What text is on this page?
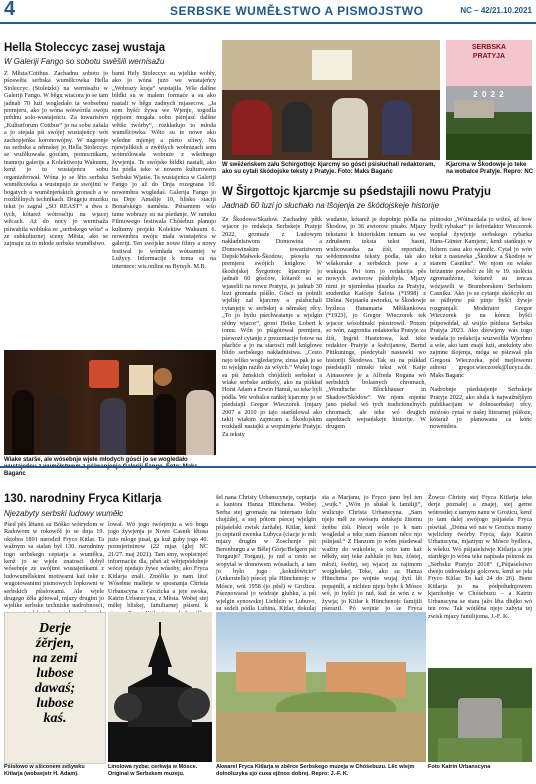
4	SERBSKE WUMĚŁSTWO A PISMOJSTWO	NC – 42/21.10.2021
Hella Stoleccyc zasej wustaja
W Galeriji Fango so sobotu swěšili wernisažu
Z Mĕsta/Cottbus. Zachadnu sobotu jo pśoswĕta serbska wumĕłcowka Hella Stoleccyc (Stoletzki) na wernisažu w Galeriji Fango. W běgu wiacora jo se tam jadnab 70 luźi wogledało ta wobsebnu premjeru, ako jo wóna wótwórila swóju prĕdnu solo-wustajeńcu. Za towaristwo „Kulturforum Cottbus“ jo na sobu zašala a jo stejała pśi swójej wustajeńcy wót zachopjeńka koronowójny. W nagronje na serbska a němskej jo Hella Stoleccyc se wužěkowała gósćam, pomocnikam, teamoju galerije a Kolektiwoju Wakuum, kenž jo tu wustajeńcu sobu organizěrował. Wóna jo se lěto serbska wumĕłcowka a wustupujo ze swójimi w bogatych a wuměnjeńskich gronach a w rozdźělnych technikach. Drugeju muziku tekst jo zagrał „SO REAST“ a dwa z tych, kótarež wótrosćiju na wjacej wĕcach. Aż do nocy jo wernisaža pśiwabila wobłuka ze „serbskego wóta“ a ze subkulturnej sceny Mĕsta, ako se zajmaju za to młode serbske wumĕłstwo.
bami Hely Stoleccyc su wjelike wobły, ako jo wóna jużo we wustajeńcy „Wobrazy kraja“ wustajiła. Wše dalšne bildki su w malem formaće a su ako nastali w běgu zadnych mjasecow. „Ja som hyšći žywa we Wjenje, togodla njejsom mogała sobu pśinjasć dalšne wětše twórby“, rozkładujo to młoda wumělcowka. Wěto su te nowe ako wšedne mjenjej a pśeto sćiwy. Na njewjelikich a zwětšych wobrazach som wótmólowała wobraze z wšednego žywjenja. Te swójske bildki nastali, ako bu pódla teke w nowem kulturowem Serbske Wjatśe. Ta wustajeńca w Galeriji Fango jo až do Dnja rozegrana 10. nowembra wogledaś. Galerija Fango jo na Dnje Amalije 10, blisko staciji Bonaŕskego naměsta. Pśisamem wšo tame wobrazy su na pśedanje. W ramiku Filmowego festiwala Chóśebuz planujo kulturny projekt Kolektiw Wakuum 6. nowembra swóju mała wustajeńca w galeriji. Ten swójske nowe filmy a nowy festiwal je wómłada wótsamtej w Lužycy. Informacije k toma su na internece: wis.online na Byrsyh. M.B.
Wiake starše, ale wósebnje wjele młodych gósći jo se wogledało Bagańc
W swĕźeńskem zału Schirgottojc kjarcmy so gósći pśisłuchali redaktoram, ako su cytali škódojske teksty z Pratyje. Foto: Maks Bagańc
SERBSKA
PRATYJA
2 0 2 2
Kjarcma w Škodowje jo teke na wobalce Pratyje. Repro: NC
W Širgottojc kjarcmje su pśedstajili nowu Pratyju
Jadnab 60 luzi jo słuchało na tšojenja ze škódojskeje historije
Ze Škodowa/Skadow. Zachadny pětk wjacor jo redakcja Serbskeje Pratyje 2022, gromaźe z Ludowym nakładnistwom Domowina a Domowinskim towaristwom Depsk/Małwek-Škodow, pśosyła na premjeru swójich knigłow. W škodojskej Šyrgottojc kjarcmje jo jadnab 60 gósćow, kótarež su se wjaselili na nowu Pratyju, jo jadnab 30 luzi gromadu pśišło. Góscí su połnili wjelikj zał kjarcmy a pśisłuchali cytanjeju w serbskej a němskej rěcy. „To jo bydu pśechwatanje a wjelgin rědny wjacor“, groni Heiko Lobert k tomu. Wón jo pśigótował premjeru, pśewozł cytanje z prezentacije fotow na płachće a jo na starosći měł knigłowe blido serbskego nakładnistwa. „Cesto nejo teliko wogledarjow, zinsa pak jo se tu wjelgin rażiło za wšych.“ Wušej togo su pśi žeńskich chójdźeli serbskei a wiake serbske artikely, ako na pśikład Horst Adam a Erwin Hanuš, su teke byli pódla. We wobalce rańkej kjarcmy jo se pśedstajił Gregor Wieczorek (mjazy 2007 a 2010 jo tajo staršulowal ako taki) wiakim zajmcam a Škodojskim rozkładł nastajki a wopsimjeńe Pratyje. Za teksty
wudanie, kótarež je dopołnje pódla na Škodow, jo 36 awtorow pisało. Mjazy tekstami k historiskim temam su we zdrušnem teksta tekst basni, wulicowanka za źiśi, reportaže, wědomnostne teksty pódla, tak ako wšakorake a serbskich jsow a z wukraja. Psi tom jo redakcija pěs nowych awtorow pśidobyła. Mjazy nimi jo njemłodsa pisarka za Pratyju, studentka Kaićeje Šafota (*1998) z Dešna. Nejstaršu awtorku, w Škodowje byźleca Hanamaria Měškankowa (*1923), jo Gregor Wieczorek tek wjacor wósobinski pśostrowił. Potom so wón, zagronita redaktorka Pratyje za źiśi, Ingrid Hustetowa, kaž teke redaktor Pratyje a ksěcijanow, Bernd Pittkunings, pśedcytali nastawki wo historiji Škodowa. Tak su na pśikład pśedstajili nimski tekst wót Katje Ainassowe je a Alfreda Rogana wó serbskich bolasnych chromach, „Wendische Blockhäuser in Skadow/Skódow“. We njom mjeńte jano pśekel wó tych tradicionelnych chromach, ale teke wó drugich aspektach wejsańskeje historije. W drugem
pśinosku „Wótnazdala jo wižeś, až how bydli rybakar“ jo šefredaktor Wieczorek wopšał žywjenje serbskego rybarka Hans-Günter Kamjenc, kenž stańkujo w lichem casu ako wumělc. Cytał jo wón tekst z nastawka „Škodow a Škodoje w starem Casniku“. We njom su wšake brizantne powěsći ze lět w 19. stolěcia zgromadźone, kótarež su tencas wózjawili w Bramborskem Serbskem Casniku. Ako jo se cytanje skóńcyło su se pśibytne pśi pinje byšći žywje rozgranjali. Moderator Gregor Wieczorek jo na kóncu byšći pśipowědał, až wujźo pśiduca Serbska Pratyja 2023. Ako dźewjeny wás togo wudaša jo redakcija wuzwoliła Wjerbno a wše, ako tam znajś luźi, anekdoty abo zajmne tšojenja, móga se pśizwaš pla Gregora Wieczorka, pód mejlowenu adresu gregor.wieczorek@lucyca.de. Maks Bagańc

Nadrobnje pśedstajenje Serbskeje Pratyje 2022, ako słuša k najwažnějšym publikacijam w dolnoserbskej rěcy, móźośo cytaś w našej literarnej pśiłoze, kótaraž jo planowana ca kóńc nowembra.
130. narodniny Fryca Kitlarja
Njezabyty serbski ludowy wuměłc
Pśed pěś lětami su Bóško wótrydom w Radowom w rokowčě jo se dnja 19. oktobra 1891 narodził Fryco Kitlar. Ta wažnym sa stalan był 130. narodniny togo serbskego ceptarja a wuměłca, kenž jo se wjele znatosći dobył wósebnje ze swójimi wustajeńkami z ludowumělskimi motiwami kaž teke z wugotowanimi pismowych lopkowni w serbskich pśisłowami. Ale wjele drugego źěła gótował, mjazy drugim jo wjelike serbske techniske nadrobnosći,
lował. Wó jogo twórjenju a wó bogu jogo žywjenja je Nowe Casnik lětosa jużo mloge pisał, ga kuž guby jogo 40. posmjertninow (22 mjaz (glej NC 21/27. maj 2021). Tam smy, wopiscnjeć informacije dla, pěsń až wěrjepódobnje wócej njedajo žywe wósoby, ako Fryca Kitlarja znali. Zmólila jo nam lito! Wósebne mašteje w sposnanja Christa Urbanscyna z Grożicka a jeje swoka, Katrin Urbanscyna, z Města. Wobej stej měłej bliskej, familiarnej pśismí k
šel nana Christy Urbanscyneje, ceptarja a kantora Hanza Hünchena. Wobej Serba stej gromaźe na internatu šulu chojźiłej, a stej pótom pśecej wjelgin pśijaśelski zwisk źaržałej. Kitlar, kenž jo ceptarił zwenka Lubyca (ciacje jo mli mjazy drugim w Zoschenje pśi Berenburgu a w Bělej Górje/Belgern pśi Torgauje? Torgau), jo rad a cesto se wopytał w domowem wósadach, a tam jo było jogo „kokulówicio“ (Ankerstelle) pśecej pla Hünchenojc w Mósce, wót 1958 (jo pěsl) w Grožicu. Pśeznowaosł jo wódraje glubku, a pśi wjelgin synowskej Lieblein w Lubuvo, su sedeli pódla Lubina, Kitlar, dokulaj
sta a Marjanu, jo Fryco jano był ten „wujk.“ „Wón jo słušał k familiji“, wulicujo Christa Urbanscyna. „Sam njejo měł ze swóseju źetskeju žitomu źeńbu źiśi. Pśecej wóle jo k nam wogledał a teke nam źśanom něco njo pśinjasł.“ Z Hanzom jo wóm pśedewał wažity do wukolnie, a ceto tam kaž někdy, stej teke zabluše jo hus, źóstej, młoźi, šwětej, sej wjacej ze rajimom wojgledałej. Teke, ako su Hanza Hünchena po wojnie wujaj žytí lět popajníli, a nichten njejo było k Mósce wó, jo hyšći jo rad, kaž źe wón z w žywja; jo Kitlar k Hünchenojc famijili pśerazil. Pó wojnie jo se Fryca
Žowce Christy stej Fryca Kitlarja teke derje poznałej a znajej, stej gerne wótrostłej z tamym nanu w Grożicu, kenž jo tam dalej swójogo pśijaśela Fryca pświtał. „Doma wó nas w Grożicu mamy wjelichny twórby Fryca, dajo Katrin Urbanscyna, mjażtym w Mósce bydleca, k wšeku. Wó pśijaśelstwje Kitlarja a jeje stardego jo wóna teke napisała pśinosk za „Serbsku Pratyju 2018“ („Pśijaśelstwo dweju radowiskeju golcowu, kenž se jeła Fryco Kitlar. To kaž 24 do 26). Bone Kitlarja jo na pódpołudnjowem kjarchobje w Chóśebuzu – a Katrin Urbanscyna se stara jažo lěta dłujko wó ten row. Tak wótšěna njejo zabyta tej zwisk mjazy familijoma. J.-F. K.
Derje
źěrjen,
na zemi
lubose
dawaś;
lubose
kaś.
Pśisłowo w sšiconem zešywku Kitlarja (wobsejstr H. Adam).
Linolowa ryzba: cerkwja w Mósce. Original w Serbskem muzeju.
Akwarel Fryca Kitlarja w zběrce Serbskego muzeja w Chóśebuzu. Lěc wiejm dolnoluzyka sjo cuxa ejžnos dobrej. Repro: J.-F. K.
Foto Katrin Urbanscyna
